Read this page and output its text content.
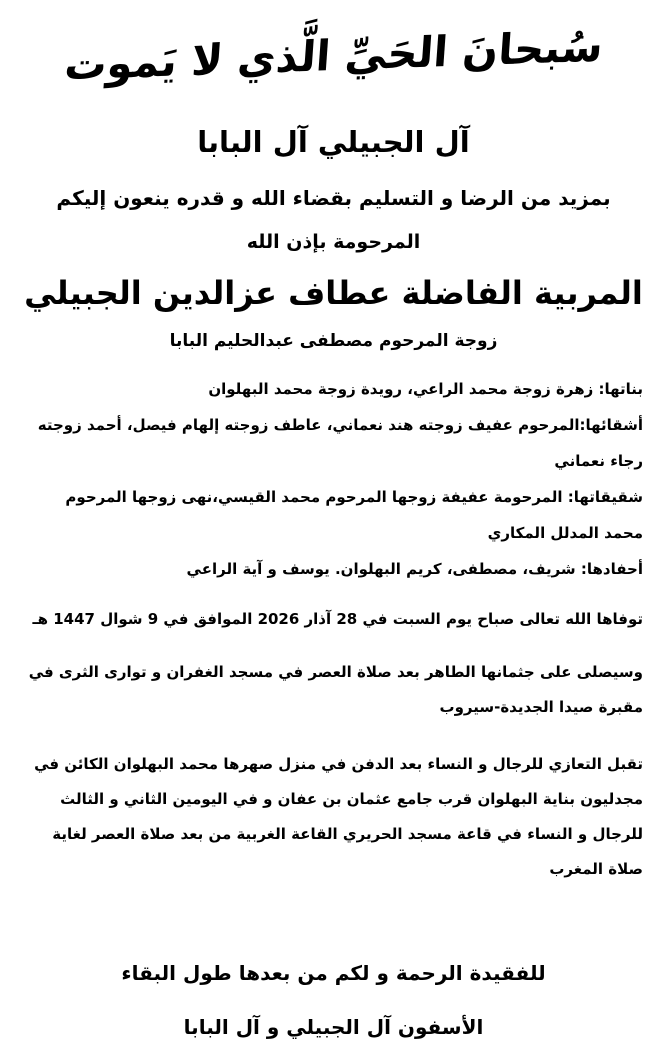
سُبحانَ الحَيِّ الَّذي لا يَموت
آل الجبيلي آل البابا
بمزيد من الرضا و التسليم بقضاء الله و قدره ينعون إليكم
المرحومة بإذن الله
المربية الفاضلة عطاف عزالدين الجبيلي
زوجة المرحوم مصطفى عبدالحليم البابا
بناتها: زهرة زوجة محمد الراعي، رويدة زوجة محمد البهلوان
أشقائها:المرحوم عفيف زوجته هند نعماني، عاطف زوجته إلهام فيصل، أحمد زوجته رجاء نعماني
شقيقاتها: المرحومة عفيفة زوجها المرحوم محمد القيسي،نهى زوجها المرحوم محمد المدلل المكاري
أحفادها: شريف، مصطفى، كريم البهلوان. يوسف و آية الراعي
توفاها الله تعالى صباح يوم السبت في 28 آذار 2026 الموافق في 9 شوال 1447 هـ
وسيصلى على جثمانها الطاهر بعد صلاة العصر في مسجد الغفران و توارى الثرى في مقبرة صيدا الجديدة-سيروب
تقبل التعازي للرجال و النساء بعد الدفن في منزل صهرها محمد البهلوان الكائن في مجدليون بناية البهلوان قرب جامع عثمان بن عفان و في اليومين الثاني و الثالث للرجال و النساء في قاعة مسجد الحريري القاعة الغربية من بعد صلاة العصر لغاية صلاة المغرب
للفقيدة الرحمة و لكم من بعدها طول البقاء
الأسفون آل الجبيلي و آل البابا
